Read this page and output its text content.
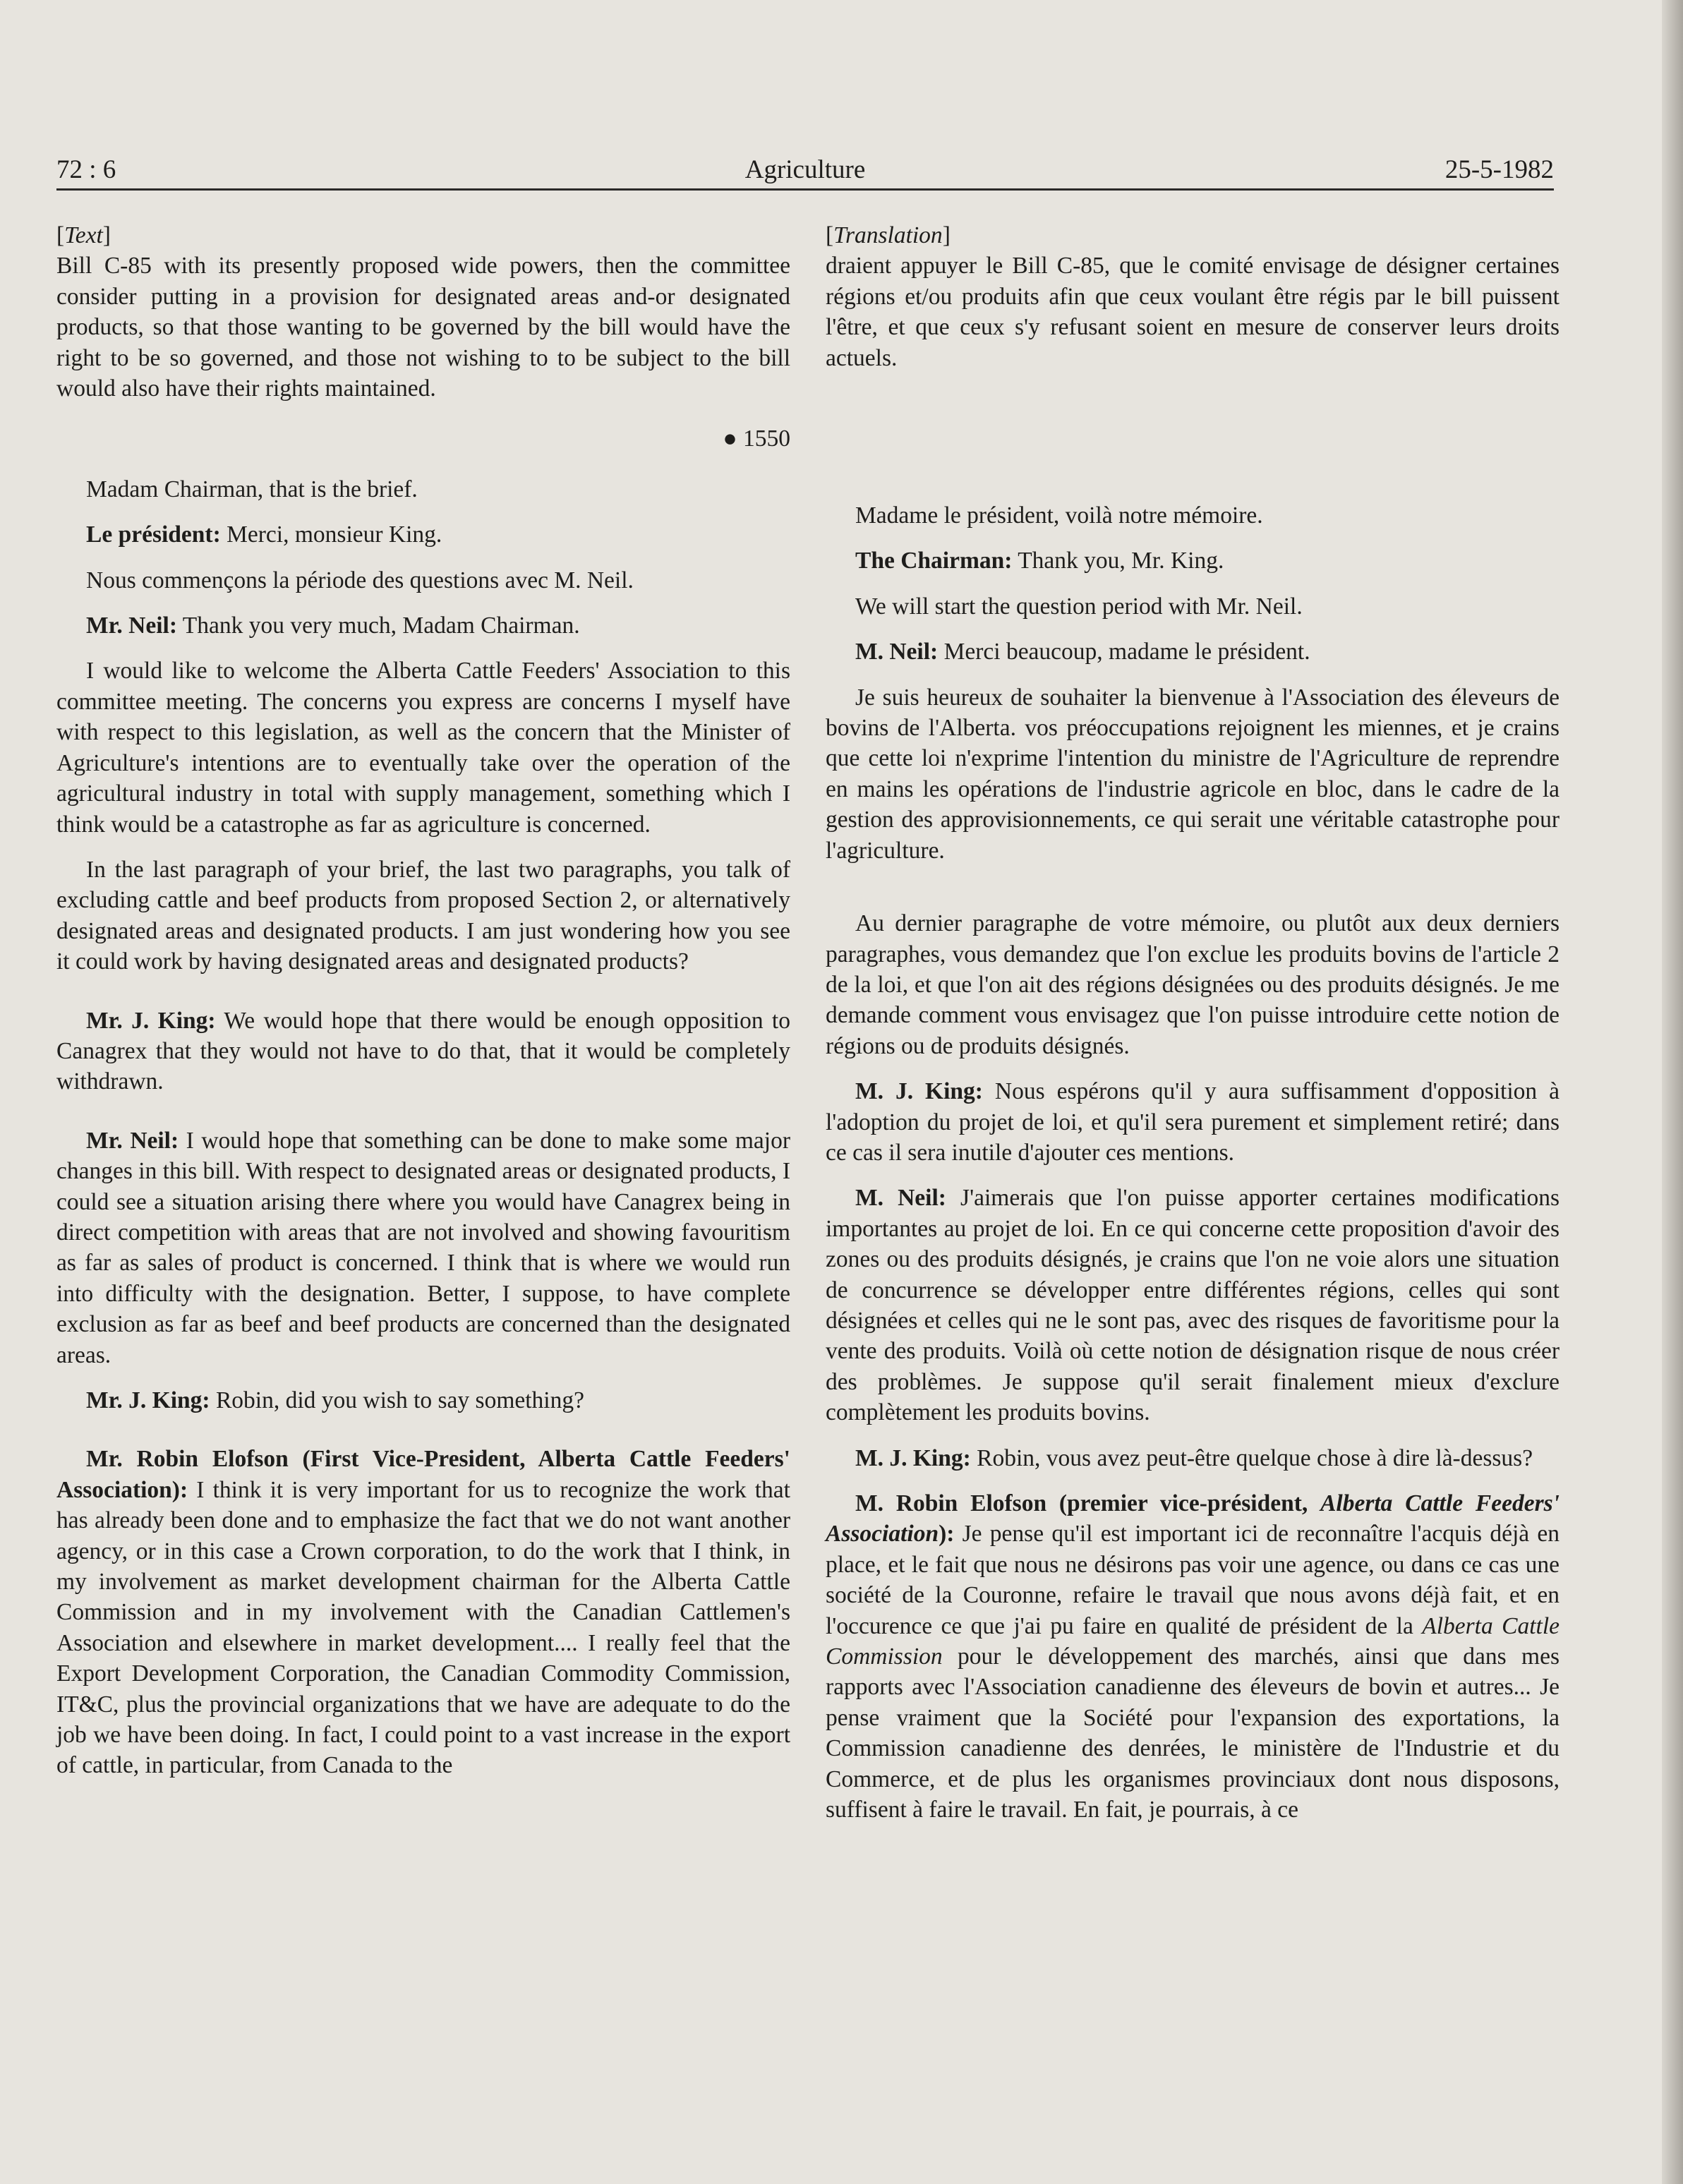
72 : 6	Agriculture	25-5-1982

[Text]

Bill C-85 with its presently proposed wide powers, then the committee consider putting in a provision for designated areas and-or designated products, so that those wanting to be governed by the bill would have the right to be so governed, and those not wishing to to be subject to the bill would also have their rights maintained.

● 1550

Madam Chairman, that is the brief.

Le président: Merci, monsieur King.

Nous commençons la période des questions avec M. Neil.

Mr. Neil: Thank you very much, Madam Chairman.

I would like to welcome the Alberta Cattle Feeders' Association to this committee meeting. The concerns you express are concerns I myself have with respect to this legislation, as well as the concern that the Minister of Agriculture's intentions are to eventually take over the operation of the agricultural industry in total with supply management, something which I think would be a catastrophe as far as agriculture is concerned.

In the last paragraph of your brief, the last two paragraphs, you talk of excluding cattle and beef products from proposed Section 2, or alternatively designated areas and designated products. I am just wondering how you see it could work by having designated areas and designated products?

Mr. J. King: We would hope that there would be enough opposition to Canagrex that they would not have to do that, that it would be completely withdrawn.

Mr. Neil: I would hope that something can be done to make some major changes in this bill. With respect to designated areas or designated products, I could see a situation arising there where you would have Canagrex being in direct competition with areas that are not involved and showing favouritism as far as sales of product is concerned. I think that is where we would run into difficulty with the designation. Better, I suppose, to have complete exclusion as far as beef and beef products are concerned than the designated areas.

Mr. J. King: Robin, did you wish to say something?

Mr. Robin Elofson (First Vice-President, Alberta Cattle Feeders' Association): I think it is very important for us to recognize the work that has already been done and to emphasize the fact that we do not want another agency, or in this case a Crown corporation, to do the work that I think, in my involvement as market development chairman for the Alberta Cattle Commission and in my involvement with the Canadian Cattlemen's Association and elsewhere in market development.... I really feel that the Export Development Corporation, the Canadian Commodity Commission, IT&C, plus the provincial organizations that we have are adequate to do the job we have been doing. In fact, I could point to a vast increase in the export of cattle, in particular, from Canada to the

[Translation]

draient appuyer le Bill C-85, que le comité envisage de désigner certaines régions et/ou produits afin que ceux voulant être régis par le bill puissent l'être, et que ceux s'y refusant soient en mesure de conserver leurs droits actuels.

Madame le président, voilà notre mémoire.

The Chairman: Thank you, Mr. King.

We will start the question period with Mr. Neil.

M. Neil: Merci beaucoup, madame le président.

Je suis heureux de souhaiter la bienvenue à l'Association des éleveurs de bovins de l'Alberta. vos préoccupations rejoignent les miennes, et je crains que cette loi n'exprime l'intention du ministre de l'Agriculture de reprendre en mains les opérations de l'industrie agricole en bloc, dans le cadre de la gestion des approvisionnements, ce qui serait une véritable catastrophe pour l'agriculture.

Au dernier paragraphe de votre mémoire, ou plutôt aux deux derniers paragraphes, vous demandez que l'on exclue les produits bovins de l'article 2 de la loi, et que l'on ait des régions désignées ou des produits désignés. Je me demande comment vous envisagez que l'on puisse introduire cette notion de régions ou de produits désignés.

M. J. King: Nous espérons qu'il y aura suffisamment d'opposition à l'adoption du projet de loi, et qu'il sera purement et simplement retiré; dans ce cas il sera inutile d'ajouter ces mentions.

M. Neil: J'aimerais que l'on puisse apporter certaines modifications importantes au projet de loi. En ce qui concerne cette proposition d'avoir des zones ou des produits désignés, je crains que l'on ne voie alors une situation de concurrence se développer entre différentes régions, celles qui sont désignées et celles qui ne le sont pas, avec des risques de favoritisme pour la vente des produits. Voilà où cette notion de désignation risque de nous créer des problèmes. Je suppose qu'il serait finalement mieux d'exclure complètement les produits bovins.

M. J. King: Robin, vous avez peut-être quelque chose à dire là-dessus?

M. Robin Elofson (premier vice-président, Alberta Cattle Feeders' Association): Je pense qu'il est important ici de reconnaître l'acquis déjà en place, et le fait que nous ne désirons pas voir une agence, ou dans ce cas une société de la Couronne, refaire le travail que nous avons déjà fait, et en l'occurence ce que j'ai pu faire en qualité de président de la Alberta Cattle Commission pour le développement des marchés, ainsi que dans mes rapports avec l'Association canadienne des éleveurs de bovin et autres... Je pense vraiment que la Société pour l'expansion des exportations, la Commission canadienne des denrées, le ministère de l'Industrie et du Commerce, et de plus les organismes provinciaux dont nous disposons, suffisent à faire le travail. En fait, je pourrais, à ce
